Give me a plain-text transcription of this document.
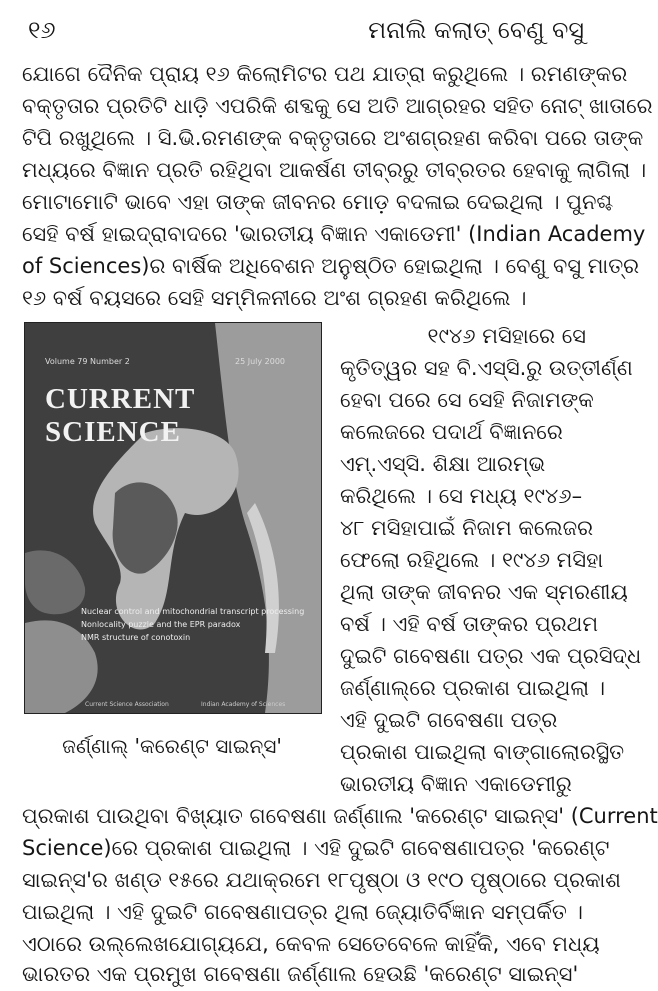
୧୬	ମନାଲି କଲାତ୍ ବେଣୁ ବସୁ
ଯୋଗେ ଦୈନିକ ପ୍ରାୟ ୧୬ କିଲୋମିଟର ପଥ ଯାତ୍ରା କରୁଥିଲେ । ରମଣଙ୍କର
ବକ୍ତୃତାର ପ୍ରତିଟି ଧାଡ଼ି ଏପରିକି ଶବ୍ଦକୁ ସେ ଅତି ଆଗ୍ରହର ସହିତ ନୋଟ୍ ଖାତାରେ
ଟିପି ରଖୁଥିଲେ । ସି.ଭି.ରମଣଙ୍କ ବକ୍ତୃତାରେ ଅଂଶଗ୍ରହଣ କରିବା ପରେ ତାଙ୍କ
ମଧ୍ୟରେ ବିଜ୍ଞାନ ପ୍ରତି ରହିଥିବା ଆକର୍ଷଣ ତୀବ୍ରରୁ ତୀବ୍ରତର ହେବାକୁ ଲାଗିଲା ।
ମୋଟାମୋଟି ଭାବେ ଏହା ତାଙ୍କ ଜୀବନର ମୋଡ଼ ବଦଳାଇ ଦେଇଥିଲା । ପୁନଶ୍ଚ
ସେହି ବର୍ଷ ହାଇଦ୍ରାବାଦରେ 'ଭାରତୀୟ ବିଜ୍ଞାନ ଏକାଡେମୀ' (Indian Academy
of Sciences)ର ବାର୍ଷିକ ଅଧିବେଶନ ଅନୁଷ୍ଠିତ ହୋଇଥିଲା । ବେଣୁ ବସୁ ମାତ୍ର
୧୬ ବର୍ଷ ବୟସରେ ସେହି ସମ୍ମିଳନୀରେ ଅଂଶ ଗ୍ରହଣ କରିଥିଲେ ।
Volume 79 Number 2	25 July 2000
CURRENT SCIENCE
Nuclear control and mitochondrial transcript processing
Nonlocality puzzle and the EPR paradox
NMR structure of conotoxin
Current Science Association	Indian Academy of Sciences
ଜର୍ଣ୍ଣାଲ୍ 'କରେଣ୍ଟ ସାଇନ୍‌ସ'
୧୯୪୬ ମସିହାରେ ସେ
କୃତିତ୍ୱର ସହ ବି.ଏସ୍‌ସି.ରୁ ଉତ୍ତୀର୍ଣ୍ଣ
ହେବା ପରେ ସେ ସେହି ନିଜାମଙ୍କ
କଲେଜରେ ପଦାର୍ଥ ବିଜ୍ଞାନରେ
ଏମ୍.ଏସ୍‌ସି. ଶିକ୍ଷା ଆରମ୍ଭ
କରିଥିଲେ । ସେ ମଧ୍ୟ ୧୯୪୬–
୪୮ ମସିହାପାଇଁ ନିଜାମ କଲେଜର
ଫେଲୋ ରହିଥିଲେ । ୧୯୪୬ ମସିହା
ଥିଲା ତାଙ୍କ ଜୀବନର ଏକ ସ୍ମରଣୀୟ
ବର୍ଷ । ଏହି ବର୍ଷ ତାଙ୍କର ପ୍ରଥମ
ଦୁଇଟି ଗବେଷଣା ପତ୍ର ଏକ ପ୍ରସିଦ୍ଧ
ଜର୍ଣ୍ଣାଲ୍‌ରେ ପ୍ରକାଶ ପାଇଥିଲା ।
ଏହି ଦୁଇଟି ଗବେଷଣା ପତ୍ର
ପ୍ରକାଶ ପାଇଥିଲା ବାଙ୍ଗାଲୋରସ୍ଥିତ
ଭାରତୀୟ ବିଜ୍ଞାନ ଏକାଡେମୀରୁ
ପ୍ରକାଶ ପାଉଥିବା ବିଖ୍ୟାତ ଗବେଷଣା ଜର୍ଣ୍ଣାଲ 'କରେଣ୍ଟ ସାଇନ୍‌ସ' (Current
Science)ରେ ପ୍ରକାଶ ପାଇଥିଲା । ଏହି ଦୁଇଟି ଗବେଷଣାପତ୍ର 'କରେଣ୍ଟ
ସାଇନ୍‌ସ'ର ଖଣ୍ଡ ୧୫ରେ ଯଥାକ୍ରମେ ୧୮ପୃଷ୍ଠା ଓ ୧୯୦ ପୃଷ୍ଠାରେ ପ୍ରକାଶ
ପାଇଥିଲା । ଏହି ଦୁଇଟି ଗବେଷଣାପତ୍ର ଥିଲା ଜ୍ୟୋତିର୍ବିଜ୍ଞାନ ସମ୍ପର୍କିତ ।
ଏଠାରେ ଉଲ୍ଲେଖଯୋଗ୍ୟଯେ, କେବଳ ସେତେବେଳେ କାହିଁକି, ଏବେ ମଧ୍ୟ
ଭାରତର ଏକ ପ୍ରମୁଖ ଗବେଷଣା ଜର୍ଣ୍ଣାଲ ହେଉଛି 'କରେଣ୍ଟ ସାଇନ୍‌ସ'
